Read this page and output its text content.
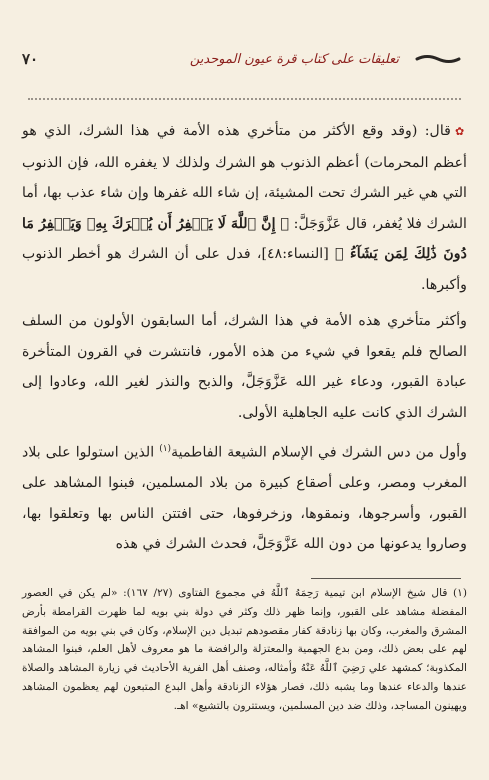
٧٠	تعليقات على كتاب قرة عيون الموحدين

✿قال: (وقد وقع الأكثر من متأخري هذه الأمة في هذا الشرك، الذي هو أعظم المحرمات) أعظم الذنوب هو الشرك ولذلك لا يغفره الله، فإن الذنوب التي هي غير الشرك تحت المشيئة، إن شاء الله غفرها وإن شاء عذب بها، أما الشرك فلا يُغفر، قال عَزَّوَجَلَّ: ﴿ إِنَّ ٱللَّهَ لَا يَغۡفِرُ أَن يُشۡرَكَ بِهِۦ وَيَغۡفِرُ مَا دُونَ ذَٰلِكَ لِمَن يَشَآءُ ﴾ [النساء:٤٨]، فدل على أن الشرك هو أخطر الذنوب وأكبرها.

وأكثر متأخري هذه الأمة في هذا الشرك، أما السابقون الأولون من السلف الصالح فلم يقعوا في شيء من هذه الأمور، فانتشرت في القرون المتأخرة عبادة القبور، ودعاء غير الله عَزَّوَجَلَّ، والذبح والنذر لغير الله، وعادوا إلى الشرك الذي كانت عليه الجاهلية الأولى.

وأول من دس الشرك في الإسلام الشيعة الفاطمية$^{(١)}$ الذين استولوا على بلاد المغرب ومصر، وعلى أصقاع كبيرة من بلاد المسلمين، فبنوا المشاهد على القبور، وأسرجوها، ونمقوها، وزخرفوها، حتى افتتن الناس بها وتعلقوا بها، وصاروا يدعونها من دون الله عَزَّوَجَلَّ، فحدث الشرك في هذه

(١) قال شيخ الإسلام ابن تيمية رَحِمَهُ ٱللَّهُ في مجموع الفتاوى (٢٧/ ١٦٧): «لم يكن في العصور المفضلة مشاهد على القبور، وإنما ظهر ذلك وكثر في دولة بني بويه لما ظهرت القرامطة بأرض المشرق والمغرب، وكان بها زنادقة كفار مقصودهم تبديل دين الإسلام، وكان في بني بويه من الموافقة لهم على بعض ذلك، ومن بدع الجهمية والمعتزلة والرافضة ما هو معروف لأهل العلم، فبنوا المشاهد المكذوبة؛ كمشهد علي رَضِيَ ٱللَّهُ عَنْهُ وأمثاله، وصنف أهل الفرية الأحاديث في زيارة المشاهد والصلاة عندها والدعاء عندها وما يشبه ذلك، فصار هؤلاء الزنادقة وأهل البدع المتبعون لهم يعظمون المشاهد ويهينون المساجد، وذلك ضد دين المسلمين، ويستترون بالتشيع» اهـ.
